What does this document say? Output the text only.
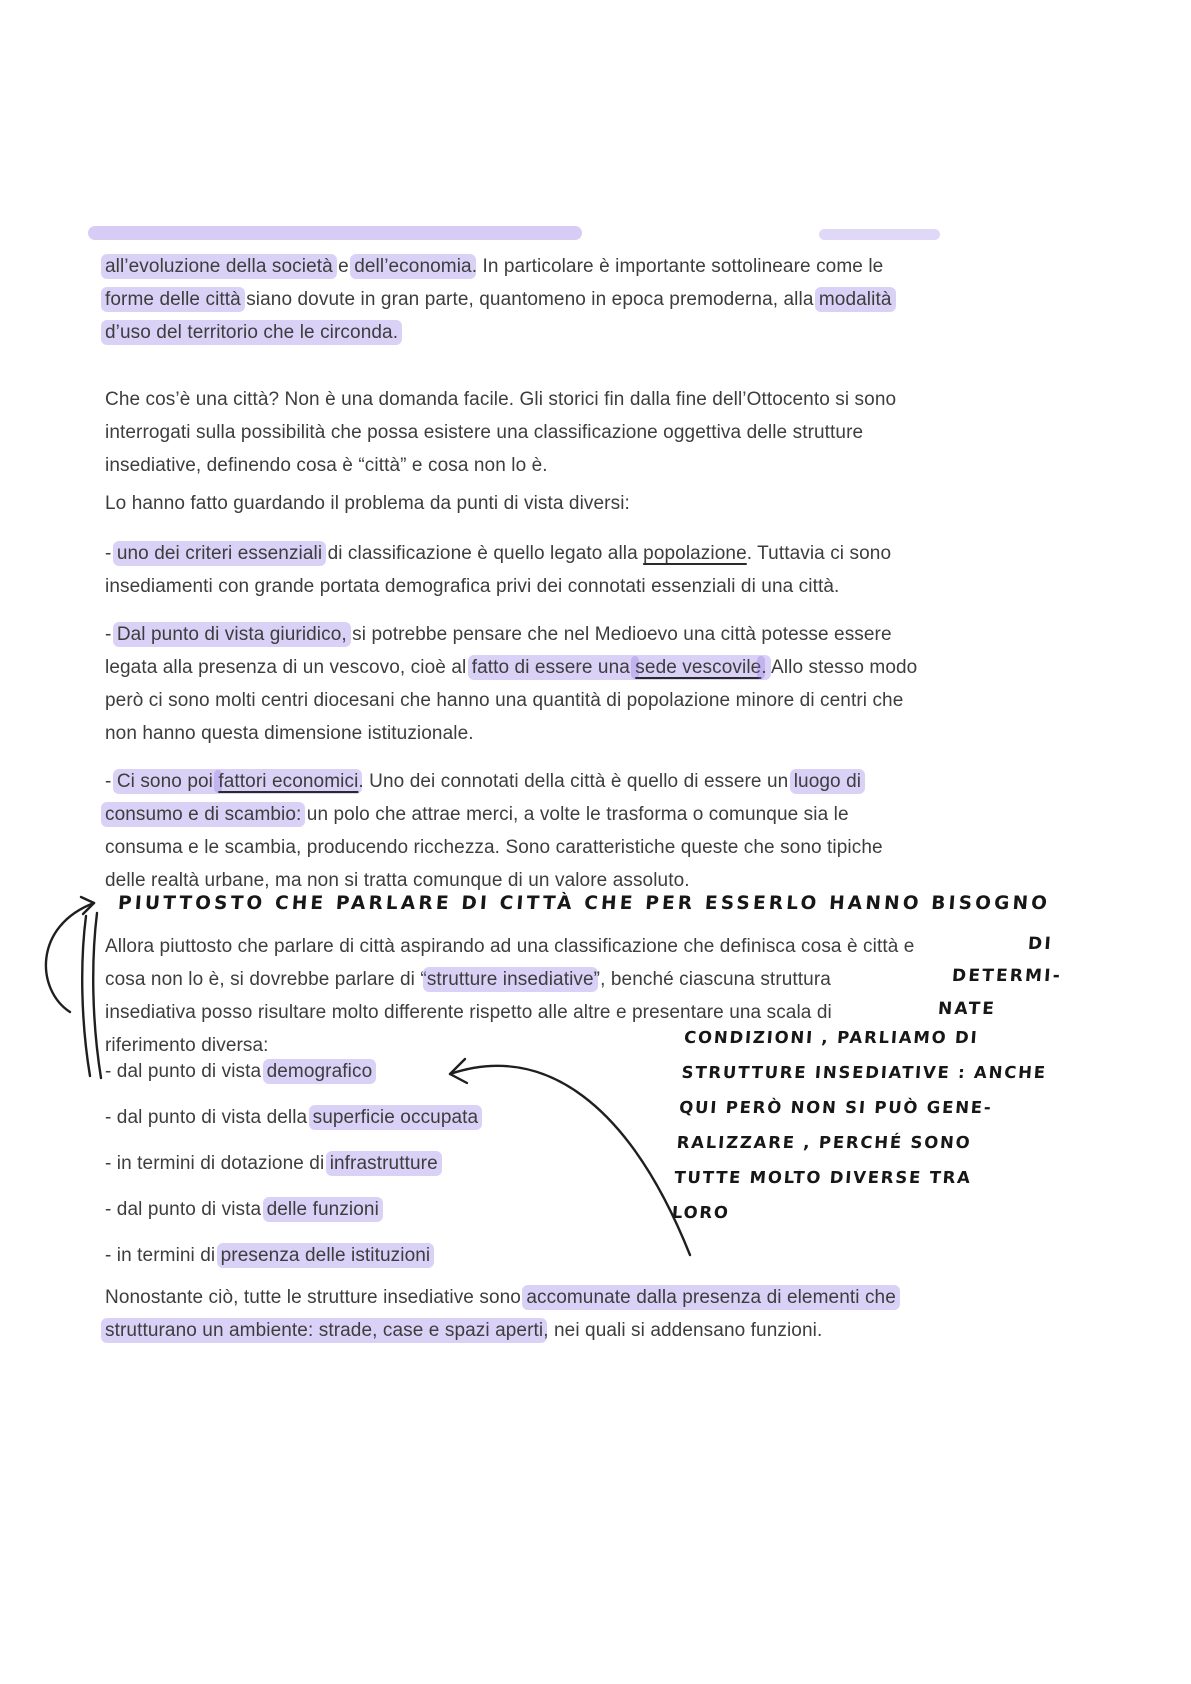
all’evoluzione della società e dell’economia. In particolare è importante sottolineare come le
forme delle città siano dovute in gran parte, quantomeno in epoca premoderna, alla modalità
d’uso del territorio che le circonda.
Che cos’è una città? Non è una domanda facile. Gli storici fin dalla fine dell’Ottocento si sono
interrogati sulla possibilità che possa esistere una classificazione oggettiva delle strutture
insediative, definendo cosa è “città” e cosa non lo è.
Lo hanno fatto guardando il problema da punti di vista diversi:
- uno dei criteri essenziali di classificazione è quello legato alla popolazione. Tuttavia ci sono
insediamenti con grande portata demografica privi dei connotati essenziali di una città.
- Dal punto di vista giuridico, si potrebbe pensare che nel Medioevo una città potesse essere
legata alla presenza di un vescovo, cioè al fatto di essere una sede vescovile. Allo stesso modo
però ci sono molti centri diocesani che hanno una quantità di popolazione minore di centri che
non hanno questa dimensione istituzionale.
- Ci sono poi fattori economici. Uno dei connotati della città è quello di essere un luogo di
consumo e di scambio: un polo che attrae merci, a volte le trasforma o comunque sia le
consuma e le scambia, producendo ricchezza. Sono caratteristiche queste che sono tipiche
delle realtà urbane, ma non si tratta comunque di un valore assoluto.
PIUTTOSTO CHE PARLARE DI CITTÀ CHE PER ESSERLO HANNO BISOGNO
Allora piuttosto che parlare di città aspirando ad una classificazione che definisca cosa è città e
cosa non lo è, si dovrebbe parlare di “strutture insediative”, benché ciascuna struttura
insediativa posso risultare molto differente rispetto alle altre e presentare una scala di
riferimento diversa:
DI
DETERMI-
NATE
CONDIZIONI , PARLIAMO DI
STRUTTURE INSEDIATIVE : ANCHE
QUI PERÒ NON SI PUÒ GENE-
RALIZZARE , PERCHÉ SONO
TUTTE MOLTO DIVERSE TRA
LORO
- dal punto di vista demografico
- dal punto di vista della superficie occupata
- in termini di dotazione di infrastrutture
- dal punto di vista delle funzioni
- in termini di presenza delle istituzioni
Nonostante ciò, tutte le strutture insediative sono accomunate dalla presenza di elementi che
strutturano un ambiente: strade, case e spazi aperti, nei quali si addensano funzioni.
